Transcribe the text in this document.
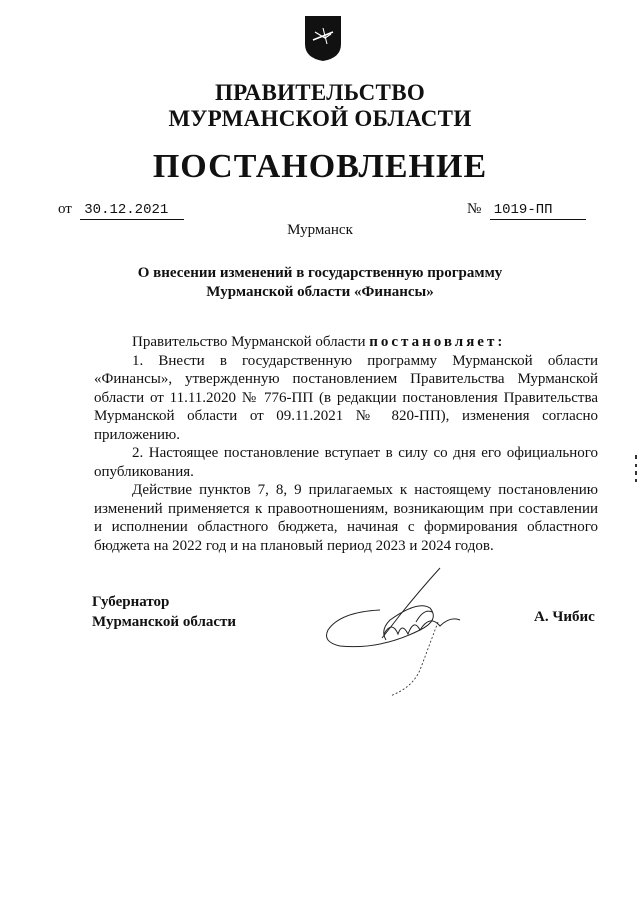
ПРАВИТЕЛЬСТВО
МУРМАНСКОЙ ОБЛАСТИ
ПОСТАНОВЛЕНИЕ
от 30.12.2021	№ 1019-ПП
Мурманск
О внесении изменений в государственную программу
Мурманской области «Финансы»

Правительство Мурманской области постановляет:

1. Внести в государственную программу Мурманской области «Финансы», утвержденную постановлением Правительства Мурманской области от 11.11.2020 № 776-ПП (в редакции постановления Правительства Мурманской области от 09.11.2021 № 820-ПП), изменения согласно приложению.

2. Настоящее постановление вступает в силу со дня его официального опубликования.

Действие пунктов 7, 8, 9 прилагаемых к настоящему постановлению изменений применяется к правоотношениям, возникающим при составлении и исполнении областного бюджета, начиная с формирования областного бюджета на 2022 год и на плановый период 2023 и 2024 годов.

Губернатор
Мурманской области	А. Чибис
